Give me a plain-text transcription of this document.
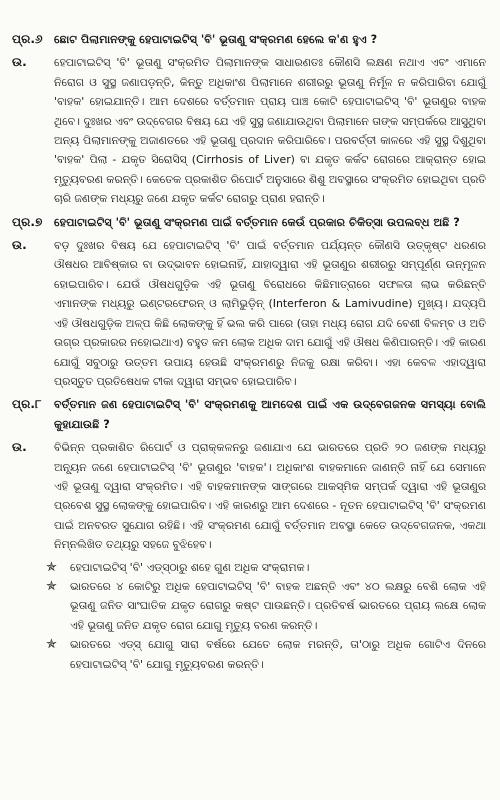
ପ୍ର.୬	ଛୋଟ ପିଲାମାନଙ୍କୁ ହେପାଟାଇଟିସ୍ 'ବି' ଭୂତାଣୁ ସଂକ୍ରମଣ ହେଲେ କ'ଣ ହୁଏ ?
ଉ.	ହେପାଟାଇଟିସ୍ 'ବି' ଭୂତାଣୁ ସଂକ୍ରମିତ ପିଲାମାନଙ୍କ ସାଧାରଣତଃ କୌଣସି ଲକ୍ଷଣ ନଥାଏ ଏବଂ ଏମାନେ ନିରୋଗ ଓ ସୁସ୍ଥ ଜଣାପଡ଼ନ୍ତି, କିନ୍ତୁ ଅଧିକାଂଶ ପିଲାମାନେ ଶରୀରରୁ ଭୂତାଣୁ ନିର୍ମୂଳ ନ କରିପାରିବା ଯୋଗୁଁ 'ବାହକ' ହୋଇଯାନ୍ତି। ଆମ ଦେଶରେ ବର୍ତ୍ତମାନ ପ୍ରାୟ ପାଞ୍ଚ କୋଟି ହେପାଟାଇଟିସ୍ 'ବି' ଭୂତାଣୁର ବାହକ ଥିବେ। ଦୁଃଖର ଏବଂ ଉଦ୍‌ବେଗର ବିଷୟ ଯେ ଏହି ସୁସ୍ଥ ଜଣାଯାଉଥିବା ପିଲାମାନେ ତାଙ୍କ ସମ୍ପର୍କରେ ଆସୁଥିବା ଅନ୍ୟ ପିଲାମାନଙ୍କୁ ଅଜାଣତରେ ଏହି ଭୂତାଣୁ ପ୍ରଦାନ କରିପାରିବେ। ପରବର୍ତ୍ତୀ କାଳରେ ଏହି ସୁସ୍ଥ ଦିଶୁଥିବା 'ବାହକ' ପିଲା - ଯକୃତ ସିରୋସିସ୍ (Cirrhosis of Liver) ବା ଯକୃତ କର୍କଟ ରୋଗରେ ଆକ୍ରାନ୍ତ ହୋଇ ମୃତ୍ୟୁବରଣ କରନ୍ତି। କେତେକ ପ୍ରକାଶିତ ରିପୋର୍ଟ ଅନୁସାରେ ଶିଶୁ ଅବସ୍ଥାରେ ସଂକ୍ରମିତ ହୋଇଥିବା ପ୍ରତି ଚାରି ଜଣଙ୍କ ମଧ୍ୟରୁ ଜଣେ ଯକୃତ କର୍କଟ ରୋଗରୁ ପ୍ରାଣ ହରାନ୍ତି।
ପ୍ର.୭	ହେପାଟାଇଟିସ୍ 'ବି' ଭୂତାଣୁ ସଂକ୍ରମଣ ପାଇଁ ବର୍ତ୍ତମାନ କେଉଁ ପ୍ରକାର ଚିକିତ୍ସା ଉପଲବ୍ଧ ଅଛି ?
ଉ.	ବଡ଼ ଦୁଃଖର ବିଷୟ ଯେ ହେପାଟାଇଟିସ୍ 'ବି' ପାଇଁ ବର୍ତ୍ତମାନ ପର୍ଯ୍ୟନ୍ତ କୌଣସି ଉତ୍କୃଷ୍ଟ ଧରଣର ଔଷଧର ଆବିଷ୍କାର ବା ଉଦ୍ଭାବନ ହୋଇନାହିଁ, ଯାହାଦ୍ୱାରା ଏହି ଭୂତାଣୁର ଶରୀରରୁ ସମ୍ପୂର୍ଣ୍ଣ ଉନ୍ମୂଳନ ହୋଇପାରିବ। ଯେଉଁ ଔଷଧଗୁଡ଼ିକ ଏହି ଭୂତାଣୁ ବିରୋଧରେ କିଛିମାତ୍ରାରେ ସଫଳତା ଲାଭ କରିଛନ୍ତି ଏମାନଙ୍କ ମଧ୍ୟରୁ ଇଣ୍ଟରଫେରନ୍ ଓ ଲାମିଭୁଡ଼ିନ୍ (Interferon & Lamivudine) ମୁଖ୍ୟ। ଯଦ୍ୟପି ଏହି ଔଷଧଗୁଡ଼ିକ ଅଳ୍ପ କିଛି ଲୋକଙ୍କୁ ହିଁ ଭଲ କରି ପାରେ (ତାହା ମଧ୍ୟ ରୋଗ ଯଦି ବେଶୀ ବିଳମ୍ବ ଓ ଅତି ଉଗ୍ର ପ୍ରକାରର ନହୋଇଥାଏ) ବହୁତ କମ ଲୋକ ଅଧିକ ଦାମ ଯୋଗୁଁ ଏହି ଔଷଧ କିଣିପାରନ୍ତି। ଏହି କାରଣ ଯୋଗୁଁ ସବୁଠାରୁ ଉତ୍ତମ ଉପାୟ ହେଉଛି ସଂକ୍ରମଣରୁ ନିଜକୁ ରକ୍ଷା କରିବା। ଏହା କେବଳ ଏହାଦ୍ୱାରା ପ୍ରସ୍ତୁତ ପ୍ରତିଷେଧକ ଟୀକା ଦ୍ୱାରା ସମ୍ଭବ ହୋଇପାରିବ।
ପ୍ର.୮	ବର୍ତ୍ତମାନ ଜଣ ହେପାଟାଇଟିସ୍ 'ବି' ସଂକ୍ରମଣକୁ ଆମଦେଶ ପାଇଁ ଏକ ଉଦ୍‌ବେଗଜନକ ସମସ୍ୟା ବୋଲି କୁହାଯାଉଛି ?
ଉ.	ବିଭିନ୍ନ ପ୍ରକାଶିତ ରିପୋର୍ଟ ଓ ପ୍ରାକ୍‌କଳନରୁ ଜଣାଯାଏ ଯେ ଭାରତରେ ପ୍ରତି ୨୦ ଜଣଙ୍କ ମଧ୍ୟରୁ ଅନ୍ୟୂନ ଜଣେ ହେପାଟାଇଟିସ୍ 'ବି' ଭୂତାଣୁର 'ବାହକ'। ଅଧିକାଂଶ ବାହକମାନେ ଜାଣନ୍ତି ନାହିଁ ଯେ ସେମାନେ ଏହି ଭୂତାଣୁ ଦ୍ୱାରା ସଂକ୍ରମିତ। ଏହି ବାହକମାନଙ୍କ ସାଙ୍ଗରେ ଆକସ୍ମିକ ସମ୍ପର୍କ ଦ୍ୱାରା ଏହି ଭୂତାଣୁର ପ୍ରବେଶ ସୁସ୍ଥ ଲୋକଙ୍କୁ ହୋଇପାରିବ। ଏହି କାରଣରୁ ଆମ ଦେଶରେ - ନୂତନ ହେପାଟାଇଟିସ୍ 'ବି' ସଂକ୍ରମଣ ପାଇଁ ଅନବରତ ସୁଯୋଗ ରହିଛି। ଏହି ସଂକ୍ରମଣ ଯୋଗୁଁ ବର୍ତ୍ତମାନ ଅବସ୍ଥା କେତେ ଉଦ୍‌ବେଗଜନକ, ଏକଥା ନିମ୍ନଲିଖିତ ତଥ୍ୟରୁ ସହଜେ ବୁଝିହେବ।
✯	ହେପାଟାଇଟିସ୍ 'ବି' ଏଡ୍‌ସ୍‌ଠାରୁ ଶହେ ଗୁଣ ଅଧିକ ସଂକ୍ରାମକ।
✯	ଭାରତରେ ୪ କୋଟିରୁ ଅଧିକ ହେପାଟାଇଟିସ୍ 'ବି' ବାହକ ଅଛନ୍ତି ଏବଂ ୪୦ ଲକ୍ଷରୁ ବେଶି ଲୋକ ଏହି ଭୂତାଣୁ ଜନିତ ସାଂଘାତିକ ଯକୃତ ରୋଗରୁ କଷ୍ଟ ପାଉଛନ୍ତି। ପ୍ରତିବର୍ଷ ଭାରତରେ ପ୍ରାୟ ଲକ୍ଷେ ଲୋକ ଏହି ଭୂତାଣୁ ଜନିତ ଯକୃତ ରୋଗ ଯୋଗୁ ମୃତ୍ୟୁ ବରଣ କରନ୍ତି।
✯	ଭାରତରେ ଏଡ୍‌ସ୍ ଯୋଗୁ ସାରା ବର୍ଷରେ ଯେତେ ଲୋକ ମରନ୍ତି, ତା'ଠାରୁ ଅଧିକ ଗୋଟିଏ ଦିନରେ ହେପାଟାଇଟିସ୍ 'ବି' ଯୋଗୁ ମୃତ୍ୟୁବରଣ କରନ୍ତି।
